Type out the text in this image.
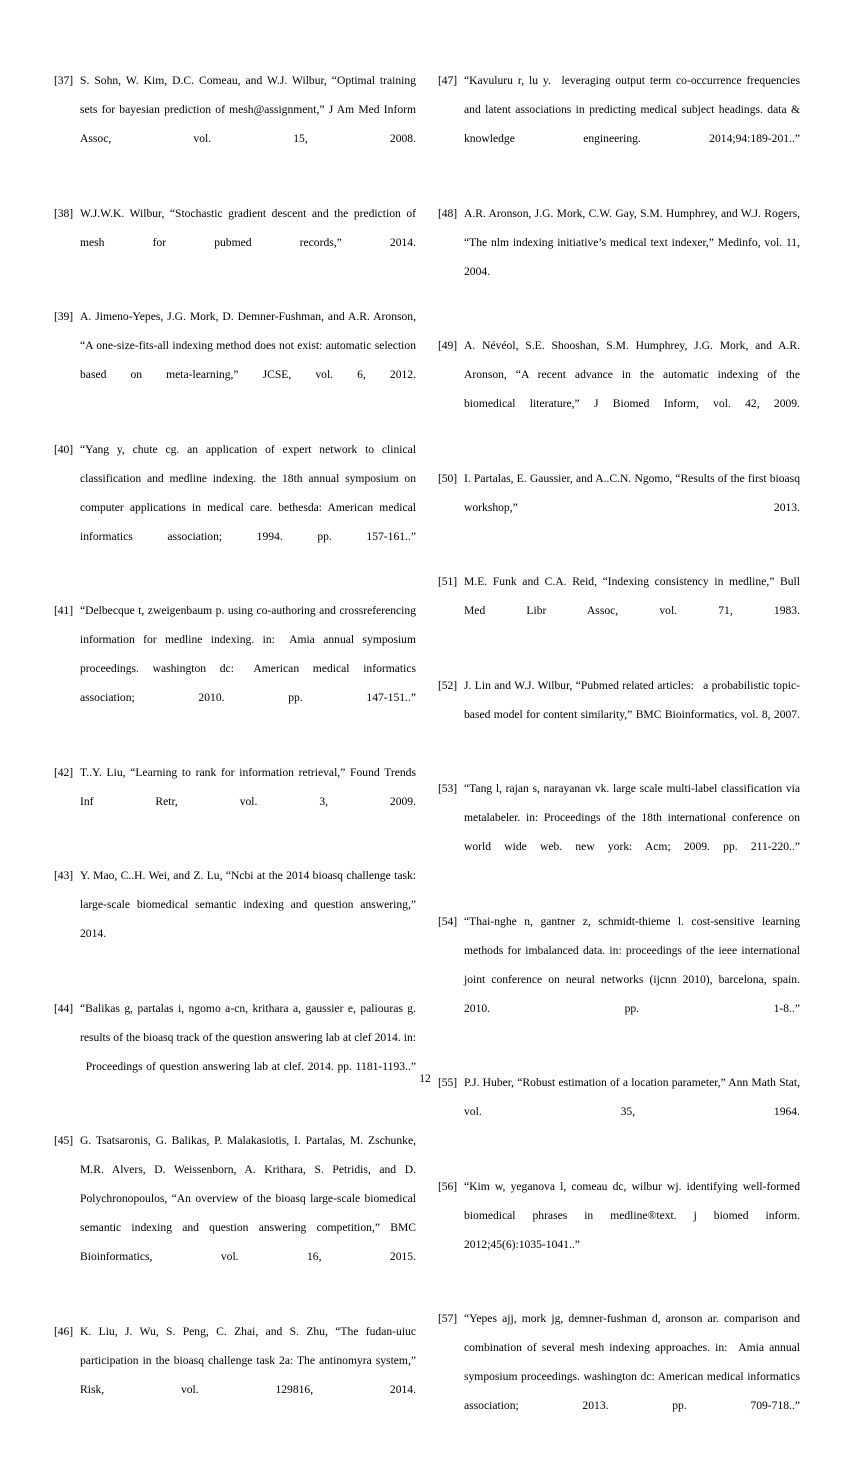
[37] S. Sohn, W. Kim, D.C. Comeau, and W.J. Wilbur, “Optimal training sets for bayesian prediction of mesh@assignment,” J Am Med Inform Assoc, vol. 15, 2008.
[38] W.J.W.K. Wilbur, “Stochastic gradient descent and the prediction of mesh for pubmed records,” 2014.
[39] A. Jimeno-Yepes, J.G. Mork, D. Demner-Fushman, and A.R. Aronson, “A one-size-fits-all indexing method does not exist: automatic selection based on meta-learning,” JCSE, vol. 6, 2012.
[40] “Yang y, chute cg. an application of expert network to clinical classification and medline indexing. the 18th annual symposium on computer applications in medical care. bethesda: American medical informatics association; 1994. pp. 157-161..”
[41] “Delbecque t, zweigenbaum p. using co-authoring and crossreferencing information for medline indexing. in:  Amia annual symposium proceedings. washington dc:  American medical informatics association; 2010. pp. 147-151..”
[42] T..Y. Liu, “Learning to rank for information retrieval,” Found Trends Inf Retr, vol. 3, 2009.
[43] Y. Mao, C..H. Wei, and Z. Lu, “Ncbi at the 2014 bioasq challenge task: large-scale biomedical semantic indexing and question answering,” 2014.
[44] “Balikas g, partalas i, ngomo a-cn, krithara a, gaussier e, paliouras g. results of the bioasq track of the question answering lab at clef 2014. in:  Proceedings of question answering lab at clef. 2014. pp. 1181-1193..”
[45] G. Tsatsaronis, G. Balikas, P. Malakasiotis, I. Partalas, M. Zschunke, M.R. Alvers, D. Weissenborn, A. Krithara, S. Petridis, and D. Polychronopoulos, “An overview of the bioasq large-scale biomedical semantic indexing and question answering competition,” BMC Bioinformatics, vol. 16, 2015.
[46] K. Liu, J. Wu, S. Peng, C. Zhai, and S. Zhu, “The fudan-uiuc participation in the bioasq challenge task 2a: The antinomyra system,” Risk, vol. 129816, 2014.
[47] “Kavuluru r, lu y.  leveraging output term co-occurrence frequencies and latent associations in predicting medical subject headings. data & knowledge engineering. 2014;94:189-201..”
[48] A.R. Aronson, J.G. Mork, C.W. Gay, S.M. Humphrey, and W.J. Rogers, “The nlm indexing initiative’s medical text indexer,” Medinfo, vol. 11, 2004.
[49] A. Névéol, S.E. Shooshan, S.M. Humphrey, J.G. Mork, and A.R. Aronson, “A recent advance in the automatic indexing of the biomedical literature,” J Biomed Inform, vol. 42, 2009.
[50] I. Partalas, E. Gaussier, and A..C.N. Ngomo, “Results of the first bioasq workshop,” 2013.
[51] M.E. Funk and C.A. Reid, “Indexing consistency in medline,” Bull Med Libr Assoc, vol. 71, 1983.
[52] J. Lin and W.J. Wilbur, “Pubmed related articles:  a probabilistic topic-based model for content similarity,” BMC Bioinformatics, vol. 8, 2007.
[53] “Tang l, rajan s, narayanan vk. large scale multi-label classification via metalabeler. in: Proceedings of the 18th international conference on world wide web. new york: Acm; 2009. pp. 211-220..”
[54] “Thai-nghe n, gantner z, schmidt-thieme l. cost-sensitive learning methods for imbalanced data. in: proceedings of the ieee international joint conference on neural networks (ijcnn 2010), barcelona, spain. 2010. pp. 1-8..”
[55] P.J. Huber, “Robust estimation of a location parameter,” Ann Math Stat, vol. 35, 1964.
[56] “Kim w, yeganova l, comeau dc, wilbur wj. identifying well-formed biomedical phrases in medline®text. j biomed inform. 2012;45(6):1035-1041..”
[57] “Yepes ajj, mork jg, demner-fushman d, aronson ar. comparison and combination of several mesh indexing approaches. in:  Amia annual symposium proceedings. washington dc: American medical informatics association; 2013. pp. 709-718..”
12
